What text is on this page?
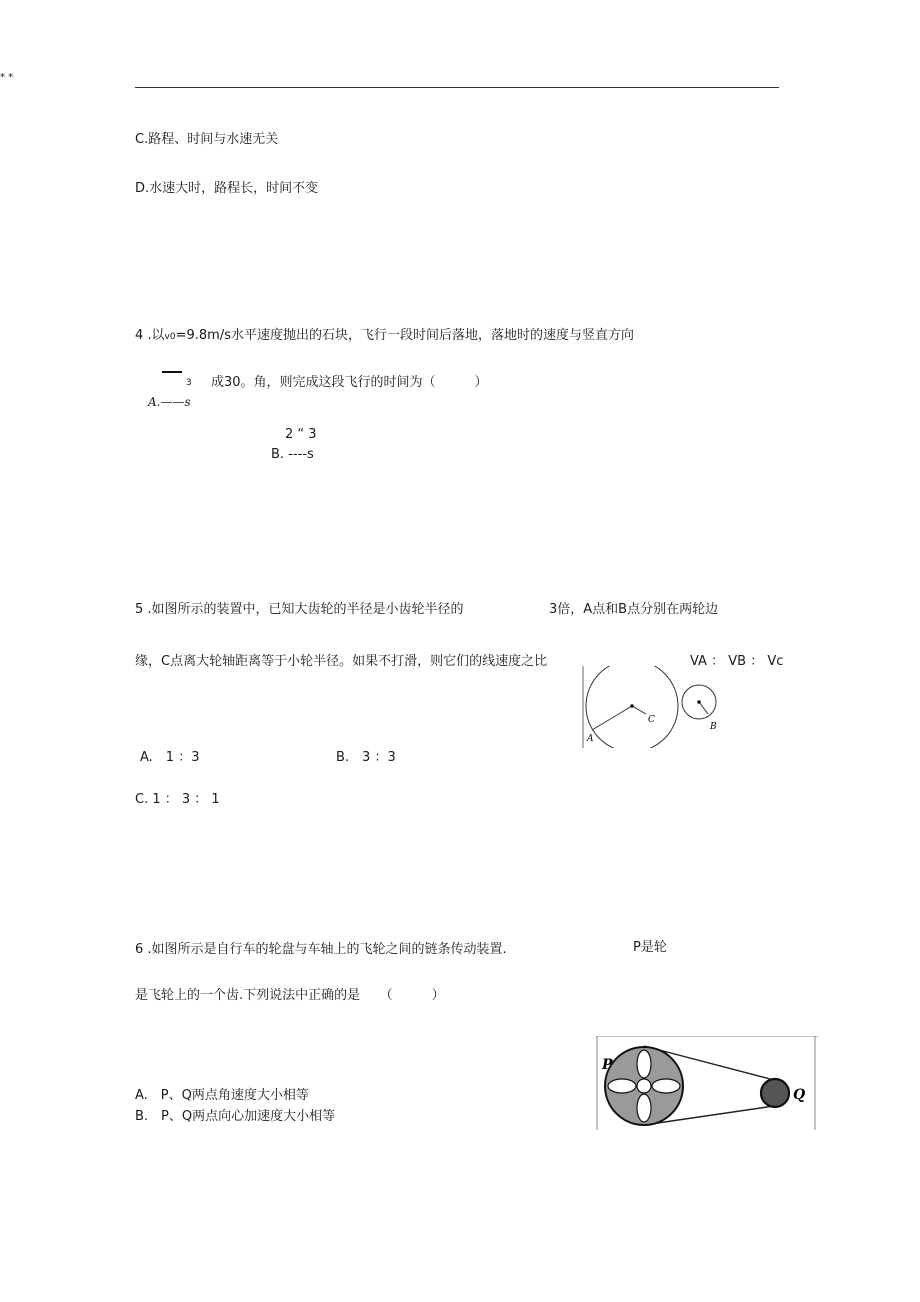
* *
C.路程、时间与水速无关
D.水速大时，路程长，时间不变
4 .以v0=9.8m/s水平速度抛出的石块，飞行一段时间后落地，落地时的速度与竖直方向
3 成30。角，则完成这段飞行的时间为（　　　）
A.——s
2 “ 3
B. ----s
5 .如图所示的装置中，已知大齿轮的半径是小齿轮半径的	3倍，A点和B点分别在两轮边
缘，C点离大轮轴距离等于小轮半径。如果不打滑，则它们的线速度之比	VA ： VB ： Vc
A
C
B
A.　1 ：3	B.　3 ：3
C. 1 ： 3 ： 1
6 .如图所示是自行车的轮盘与车轴上的飞轮之间的链条传动装置.	P是轮
是飞轮上的一个齿.下列说法中正确的是　　（　　　）
P
Q
A.　P、Q两点角速度大小相等
B.　P、Q两点向心加速度大小相等
